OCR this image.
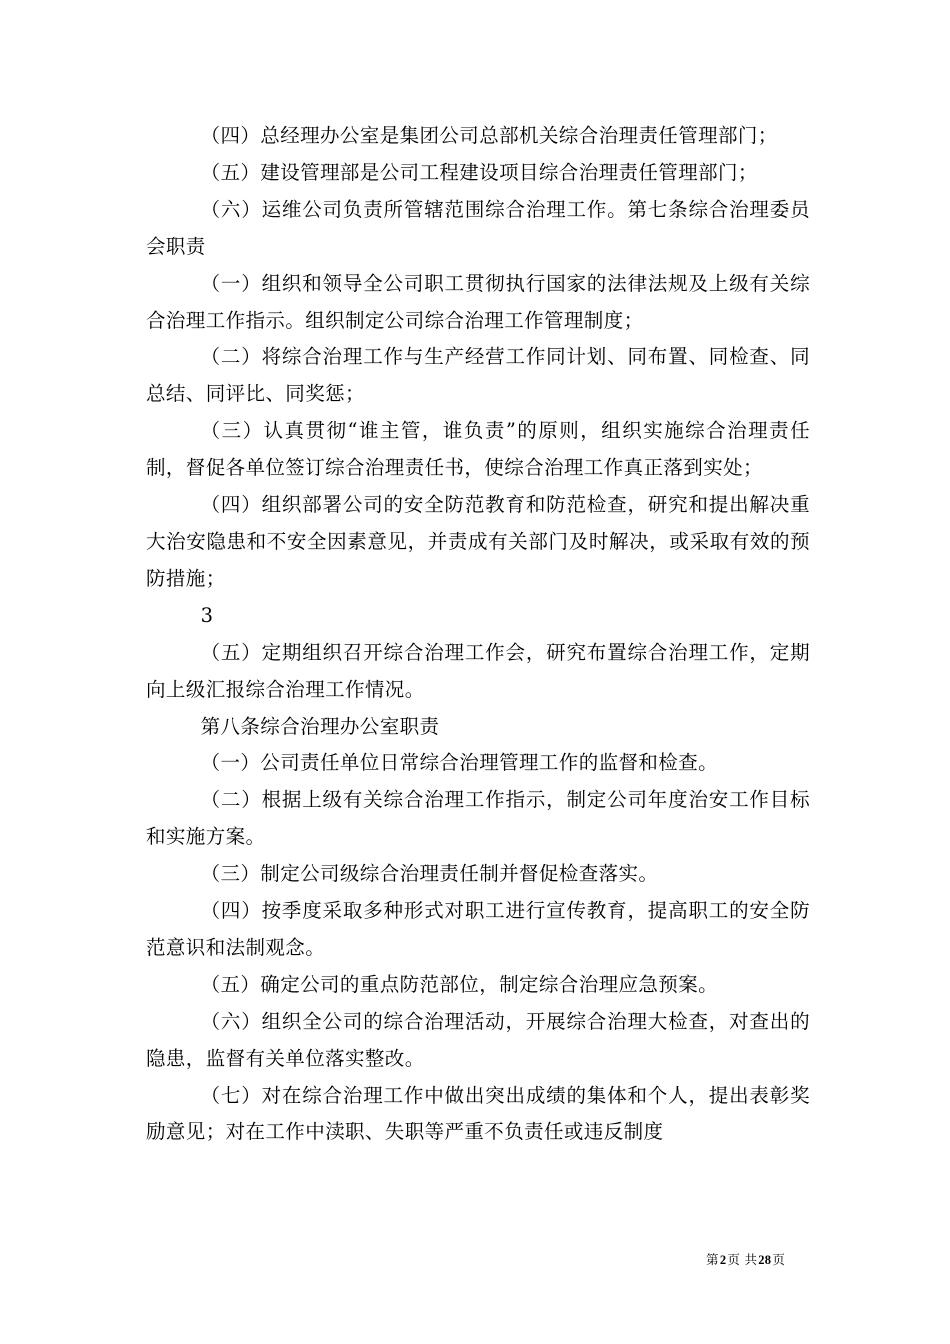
（四）总经理办公室是集团公司总部机关综合治理责任管理部门；

（五）建设管理部是公司工程建设项目综合治理责任管理部门；

（六）运维公司负责所管辖范围综合治理工作。第七条综合治理委员会职责

（一）组织和领导全公司职工贯彻执行国家的法律法规及上级有关综合治理工作指示。组织制定公司综合治理工作管理制度；

（二）将综合治理工作与生产经营工作同计划、同布置、同检查、同总结、同评比、同奖惩；

（三）认真贯彻“谁主管，谁负责”的原则，组织实施综合治理责任制，督促各单位签订综合治理责任书，使综合治理工作真正落到实处；

（四）组织部署公司的安全防范教育和防范检查，研究和提出解决重大治安隐患和不安全因素意见，并责成有关部门及时解决，或采取有效的预防措施；

3

（五）定期组织召开综合治理工作会，研究布置综合治理工作，定期向上级汇报综合治理工作情况。

第八条综合治理办公室职责

（一）公司责任单位日常综合治理管理工作的监督和检查。

（二）根据上级有关综合治理工作指示，制定公司年度治安工作目标和实施方案。

（三）制定公司级综合治理责任制并督促检查落实。

（四）按季度采取多种形式对职工进行宣传教育，提高职工的安全防范意识和法制观念。

（五）确定公司的重点防范部位，制定综合治理应急预案。

（六）组织全公司的综合治理活动，开展综合治理大检查，对查出的隐患，监督有关单位落实整改。

（七）对在综合治理工作中做出突出成绩的集体和个人，提出表彰奖励意见；对在工作中渎职、失职等严重不负责任或违反制度

第2页 共28页
